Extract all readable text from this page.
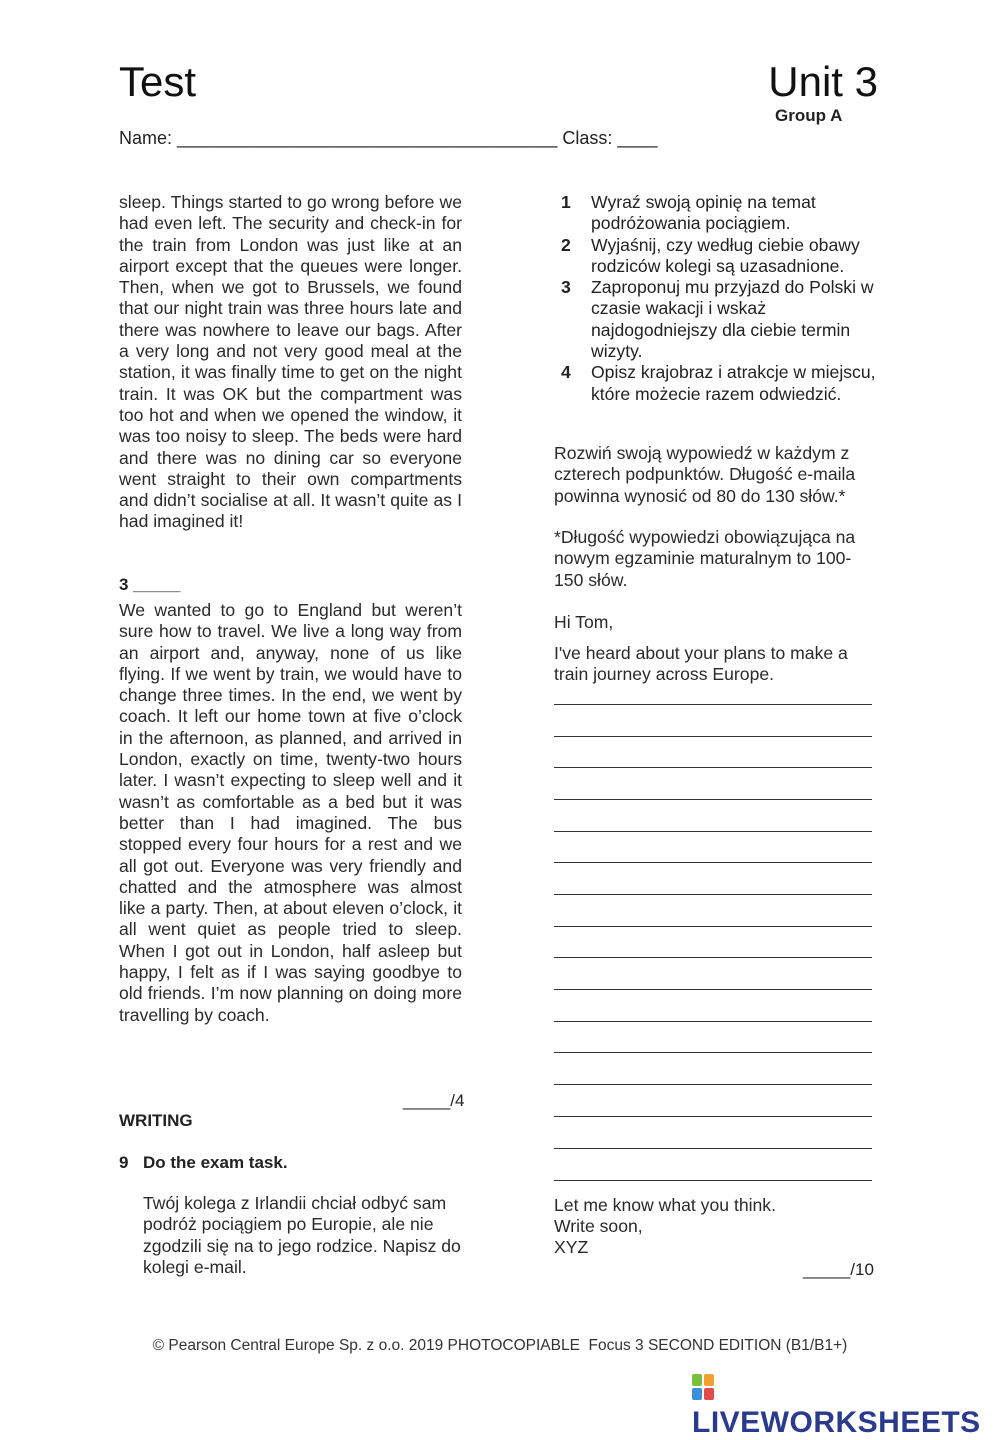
Test	Unit 3
Group A
Name: ______________________________________ Class: ____
sleep. Things started to go wrong before we had even left. The security and check-in for the train from London was just like at an airport except that the queues were longer. Then, when we got to Brussels, we found that our night train was three hours late and there was nowhere to leave our bags. After a very long and not very good meal at the station, it was finally time to get on the night train. It was OK but the compartment was too hot and when we opened the window, it was too noisy to sleep. The beds were hard and there was no dining car so everyone went straight to their own compartments and didn’t socialise at all. It wasn’t quite as I had imagined it!
3 _____
We wanted to go to England but weren’t sure how to travel. We live a long way from an airport and, anyway, none of us like flying. If we went by train, we would have to change three times. In the end, we went by coach. It left our home town at five o’clock in the afternoon, as planned, and arrived in London, exactly on time, twenty-two hours later. I wasn’t expecting to sleep well and it wasn’t as comfortable as a bed but it was better than I had imagined. The bus stopped every four hours for a rest and we all got out. Everyone was very friendly and chatted and the atmosphere was almost like a party. Then, at about eleven o’clock, it all went quiet as people tried to sleep. When I got out in London, half asleep but happy, I felt as if I was saying goodbye to old friends. I’m now planning on doing more travelling by coach.
_____/4
WRITING
9 Do the exam task.
Twój kolega z Irlandii chciał odbyć sam podróż pociągiem po Europie, ale nie zgodzili się na to jego rodzice. Napisz do kolegi e-mail.
1 Wyraź swoją opinię na temat podróżowania pociągiem.
2 Wyjaśnij, czy według ciebie obawy rodziców kolegi są uzasadnione.
3 Zaproponuj mu przyjazd do Polski w czasie wakacji i wskaż najdogodniejszy dla ciebie termin wizyty.
4 Opisz krajobraz i atrakcje w miejscu, które możecie razem odwiedzić.
Rozwiń swoją wypowiedź w każdym z czterech podpunktów. Długość e-maila powinna wynosić od 80 do 130 słów.*
*Długość wypowiedzi obowiązująca na nowym egzaminie maturalnym to 100-150 słów.
Hi Tom,
I've heard about your plans to make a train journey across Europe.
Let me know what you think.
Write soon,
XYZ
_____/10
© Pearson Central Europe Sp. z o.o. 2019 PHOTOCOPIABLE  Focus 3 SECOND EDITION (B1/B1+)
LIVEWORKSHEETS
